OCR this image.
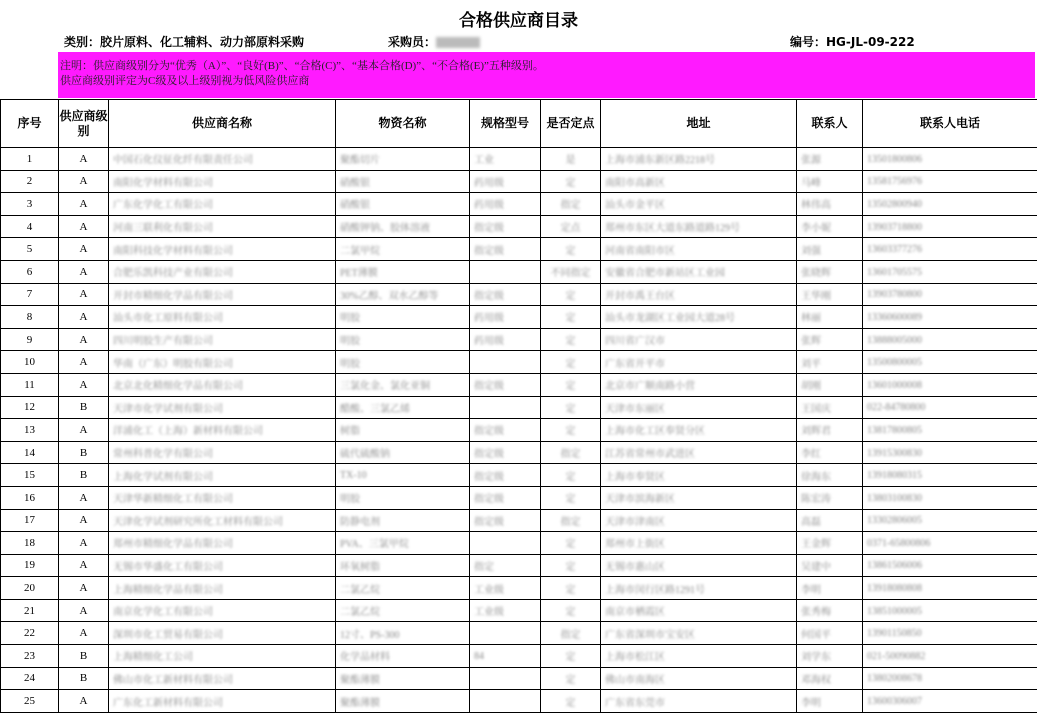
合格供应商目录
类别：胶片原料、化工辅料、动力部原料采购	采购员：	编号：HG-JL-09-222
注明：供应商级别分为“优秀（A）”、“良好(B)”、“合格(C)”、“基本合格(D)”、“不合格(E)”五种级别。
供应商级别评定为C级及以上级别视为低风险供应商
序号	供应商级别	供应商名称	物资名称	规格型号	是否定点	地址	联系人	联系人电话
1	A	中国石化仪征化纤有限责任公司	聚酯切片	工业	是	上海市浦东新区路2218号	张源	13501800806
2	A	南阳化学材料有限公司	硝酸银	药用级	定	南阳市高新区	马峰	13581756976
3	A	广东化学化工有限公司	硝酸银	药用级	指定	汕头市金平区	林伟高	13502800940
4	A	河南三联利化有限公司	硝酸钾钠、胶体溶液	指定级	定点	郑州市东区大道东路道路129号	李小妮	13903718800
5	A	南阳科技化学材料有限公司	二氯甲烷	指定级	定	河南省南阳市区	刘强	13603377276
6	A	合肥乐凯科技产业有限公司	PET薄膜		不同指定	安徽省合肥市新站区工业园	张晓辉	13601705575
7	A	开封市精细化学品有限公司	30%乙醇、双水乙醇等	指定级	定	开封市禹王台区	王华刚	13903780800
8	A	汕头市化工原料有限公司	明胶	药用级	定	汕头市龙湖区工业园大道28号	林丽	13360600089
9	A	四川明胶生产有限公司	明胶	药用级	定	四川省广汉市	张辉	13888005000
10	A	华南（广东）明胶有限公司	明胶		定	广东省开平市	刘平	13500800005
11	A	北京北化精细化学品有限公司	三氯化金、氯化亚铜	指定级	定	北京市广顺南路小营	胡刚	13601000008
12	B	天津市化学试剂有限公司	醋酸、三氯乙烯		定	天津市东丽区	王国庆	022-84780800
13	A	洋浦化工（上海）新材料有限公司	树脂	指定级	定	上海市化工区奉贤分区	刘辉君	13817800805
14	B	常州科普化学有限公司	硫代硫酸钠	指定级	指定	江苏省常州市武进区	李红	13915300830
15	B	上海化学试剂有限公司	TX-10	指定级	定	上海市奉贤区	徐海东	13918080315
16	A	天津华新精细化工有限公司	明胶	指定级	定	天津市滨海新区	陈宏涛	13803100830
17	A	天津化学试剂研究所化工材料有限公司	防静电剂	指定级	指定	天津市津南区	高磊	13302806005
18	A	郑州市精细化学品有限公司	PVA、三氯甲烷		定	郑州市上街区	王金辉	0371-65800806
19	A	无锡市华盛化工有限公司	环氧树脂	指定	定	无锡市惠山区	吴建中	13861506006
20	A	上海精细化学品有限公司	二氯乙烷	工业级	定	上海市闵行区路1291号	李明	13918080808
21	A	南京化学化工有限公司	二氯乙烷	工业级	定	南京市栖霞区	张秀梅	13851000005
22	A	深圳市化工贸易有限公司	12寸、PS-300		指定	广东省深圳市宝安区	何国平	13901150850
23	B	上海精细化工公司	化学品材料	84	定	上海市松江区	刘学东	021-50090882
24	B	佛山市化工新材料有限公司	聚酯薄膜		定	佛山市南海区	邓海权	13802008678
25	A	广东化工新材料有限公司	聚酯薄膜		定	广东省东莞市	李明	13600306007
